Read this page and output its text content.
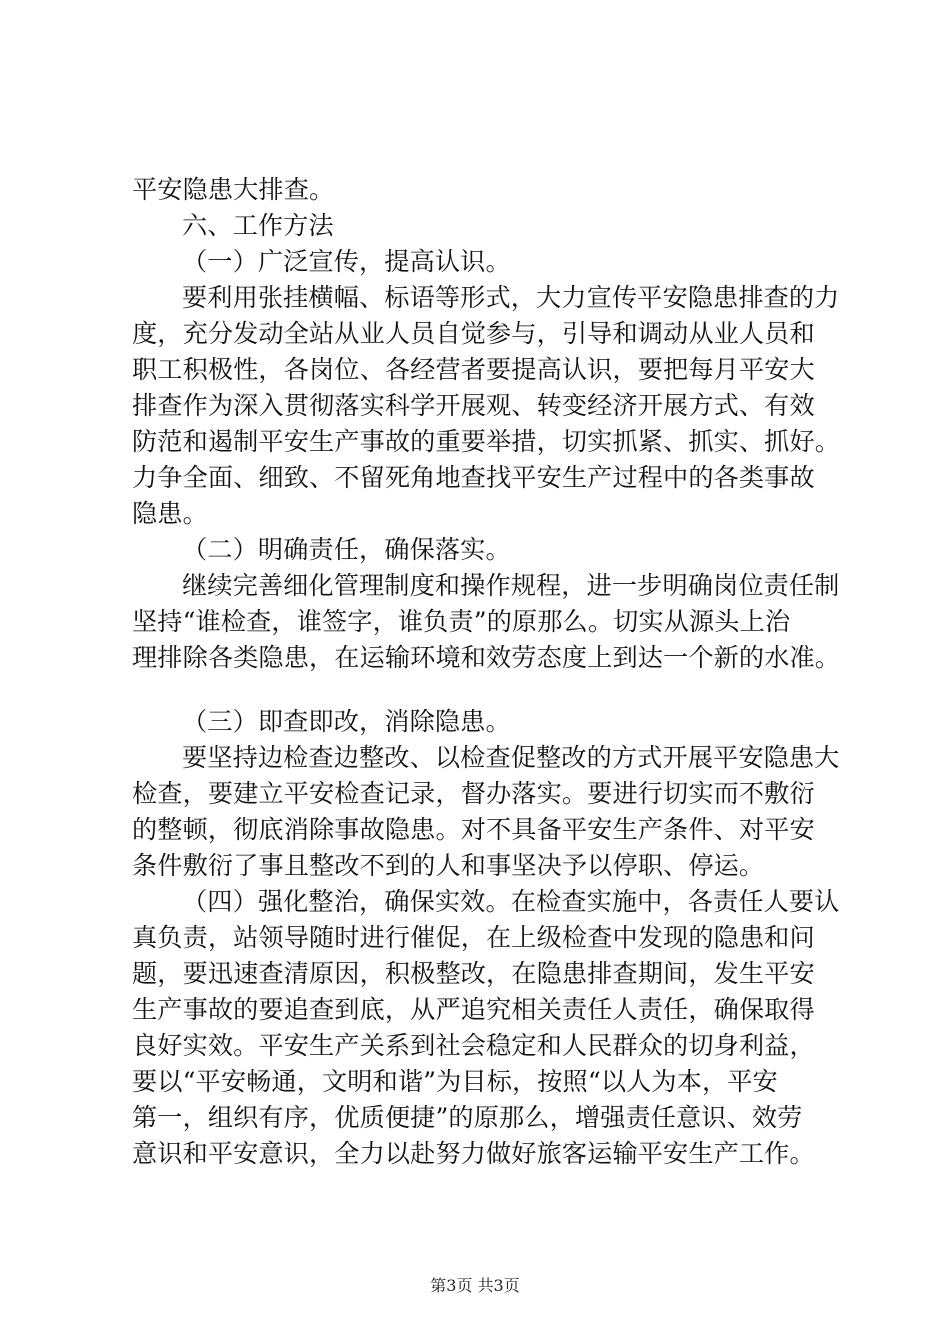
平安隐患大排查。
六、工作方法
（一）广泛宣传，提高认识。
要利用张挂横幅、标语等形式，大力宣传平安隐患排查的力
度，充分发动全站从业人员自觉参与，引导和调动从业人员和
职工积极性，各岗位、各经营者要提高认识，要把每月平安大
排查作为深入贯彻落实科学开展观、转变经济开展方式、有效
防范和遏制平安生产事故的重要举措，切实抓紧、抓实、抓好。
力争全面、细致、不留死角地查找平安生产过程中的各类事故
隐患。
（二）明确责任，确保落实。
继续完善细化管理制度和操作规程，进一步明确岗位责任制
坚持“谁检查，谁签字，谁负责”的原那么。切实从源头上治
理排除各类隐患，在运输环境和效劳态度上到达一个新的水准。
（三）即查即改，消除隐患。
要坚持边检查边整改、以检查促整改的方式开展平安隐患大
检查，要建立平安检查记录，督办落实。要进行切实而不敷衍
的整顿，彻底消除事故隐患。对不具备平安生产条件、对平安
条件敷衍了事且整改不到的人和事坚决予以停职、停运。
（四）强化整治，确保实效。在检查实施中，各责任人要认
真负责，站领导随时进行催促，在上级检查中发现的隐患和问
题，要迅速查清原因，积极整改，在隐患排查期间，发生平安
生产事故的要追查到底，从严追究相关责任人责任，确保取得
良好实效。平安生产关系到社会稳定和人民群众的切身利益，
要以“平安畅通，文明和谐”为目标，按照“以人为本，平安
第一，组织有序，优质便捷”的原那么，增强责任意识、效劳
意识和平安意识，全力以赴努力做好旅客运输平安生产工作。
第3页 共3页
